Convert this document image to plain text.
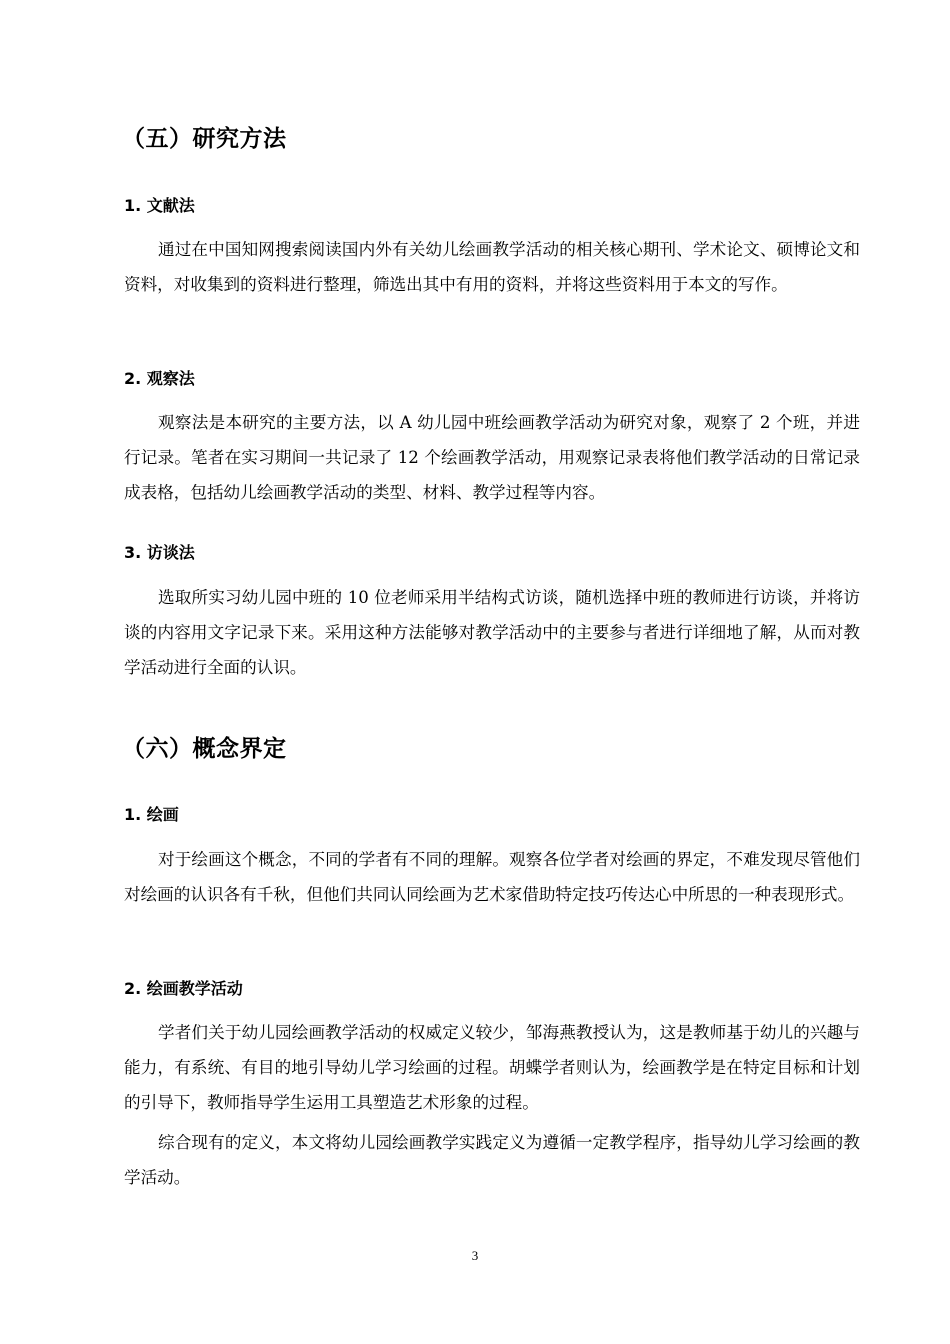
（五）研究方法
1. 文献法

通过在中国知网搜索阅读国内外有关幼儿绘画教学活动的相关核心期刊、学术论文、硕博论文和资料，对收集到的资料进行整理，筛选出其中有用的资料，并将这些资料用于本文的写作。

2. 观察法

观察法是本研究的主要方法，以 A 幼儿园中班绘画教学活动为研究对象，观察了 2 个班，并进行记录。笔者在实习期间一共记录了 12 个绘画教学活动，用观察记录表将他们教学活动的日常记录成表格，包括幼儿绘画教学活动的类型、材料、教学过程等内容。

3. 访谈法

选取所实习幼儿园中班的 10 位老师采用半结构式访谈，随机选择中班的教师进行访谈，并将访谈的内容用文字记录下来。采用这种方法能够对教学活动中的主要参与者进行详细地了解，从而对教学活动进行全面的认识。

（六）概念界定
1. 绘画

对于绘画这个概念，不同的学者有不同的理解。观察各位学者对绘画的界定，不难发现尽管他们对绘画的认识各有千秋，但他们共同认同绘画为艺术家借助特定技巧传达心中所思的一种表现形式。

2. 绘画教学活动

学者们关于幼儿园绘画教学活动的权威定义较少，邹海燕教授认为，这是教师基于幼儿的兴趣与能力，有系统、有目的地引导幼儿学习绘画的过程。胡蝶学者则认为，绘画教学是在特定目标和计划的引导下，教师指导学生运用工具塑造艺术形象的过程。

综合现有的定义，本文将幼儿园绘画教学实践定义为遵循一定教学程序，指导幼儿学习绘画的教学活动。

3
